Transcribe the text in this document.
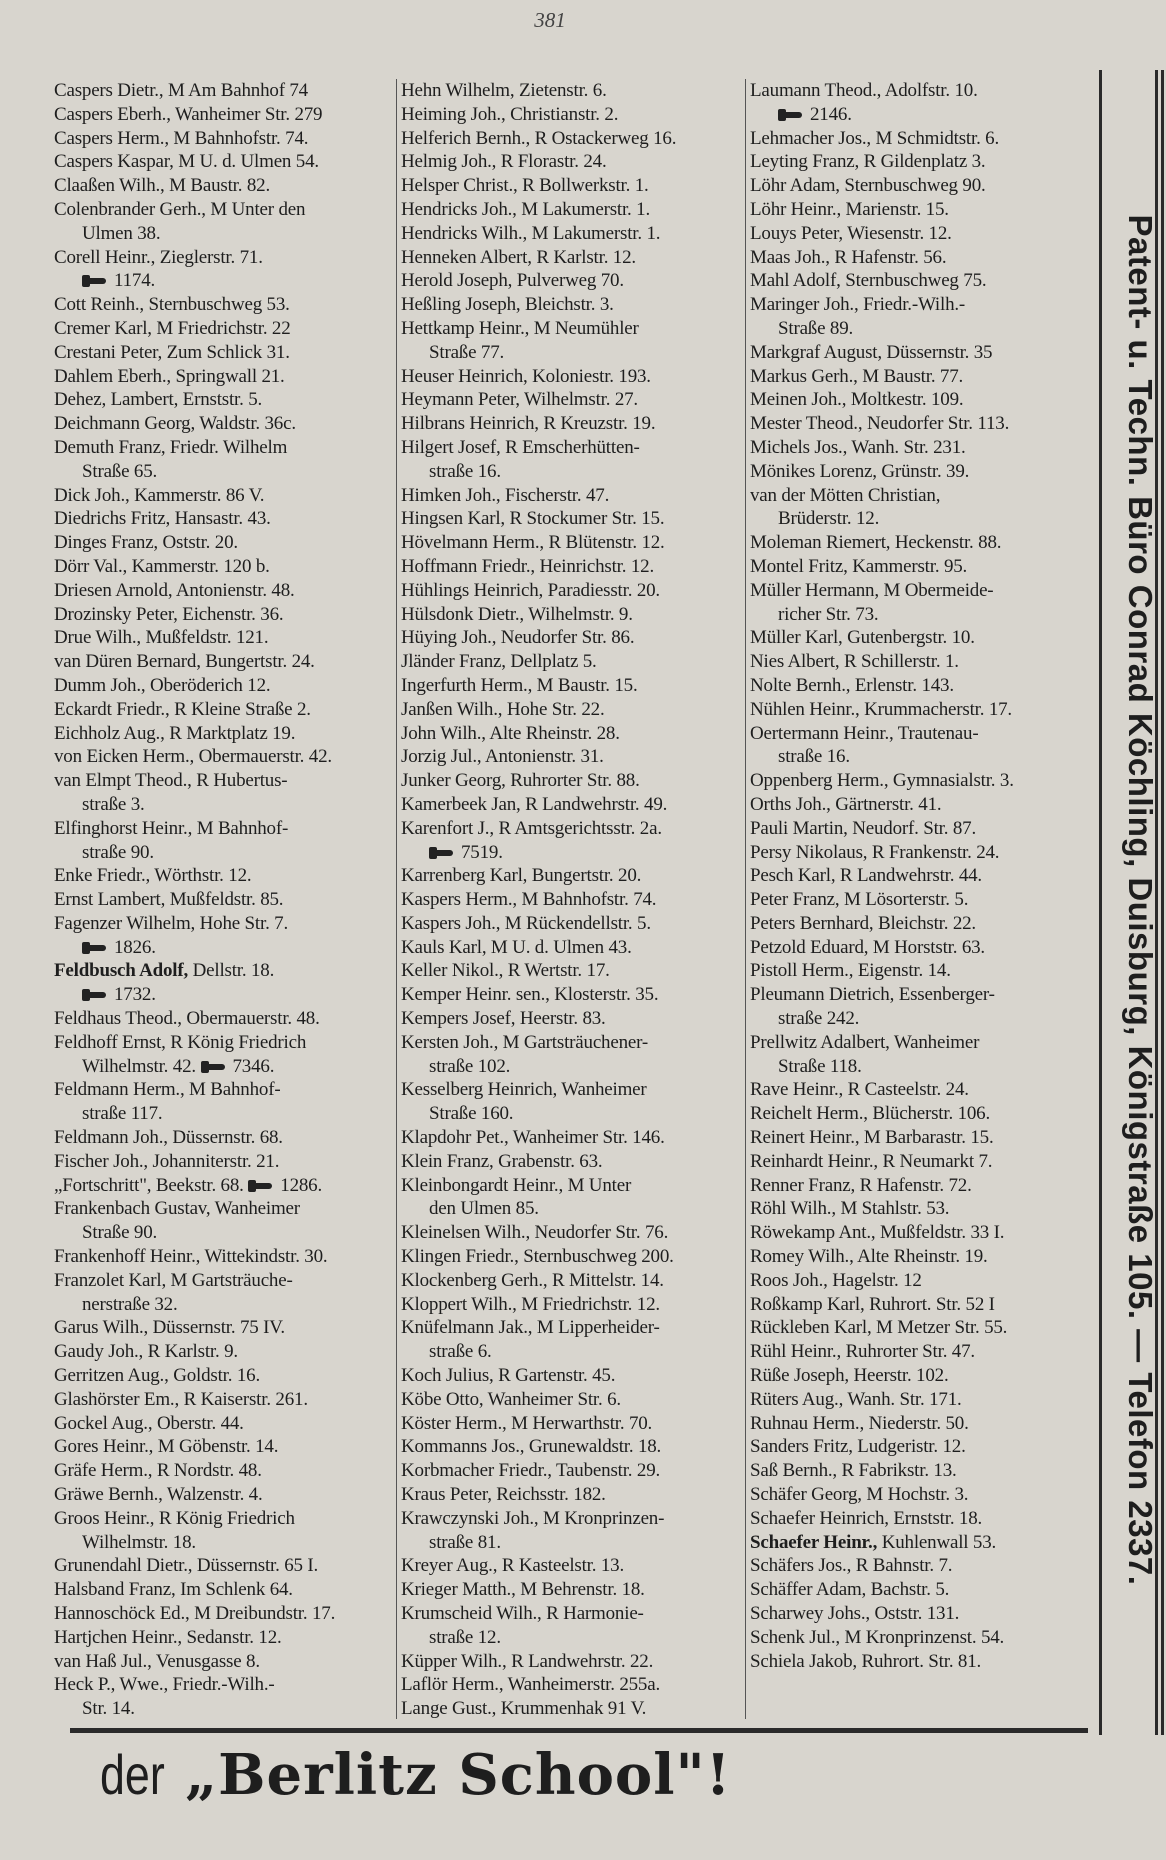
381
Caspers Dietr., M Am Bahnhof 74
Caspers Eberh., Wanheimer Str. 279
Caspers Herm., M Bahnhofstr. 74.
Caspers Kaspar, M U. d. Ulmen 54.
Claaßen Wilh., M Baustr. 82.
Colenbrander Gerh., M Unter den
Ulmen 38.
Corell Heinr., Zieglerstr. 71.
1174.
Cott Reinh., Sternbuschweg 53.
Cremer Karl, M Friedrichstr. 22
Crestani Peter, Zum Schlick 31.
Dahlem Eberh., Springwall 21.
Dehez, Lambert, Ernststr. 5.
Deichmann Georg, Waldstr. 36c.
Demuth Franz, Friedr. Wilhelm
Straße 65.
Dick Joh., Kammerstr. 86 V.
Diedrichs Fritz, Hansastr. 43.
Dinges Franz, Oststr. 20.
Dörr Val., Kammerstr. 120 b.
Driesen Arnold, Antonienstr. 48.
Drozinsky Peter, Eichenstr. 36.
Drue Wilh., Mußfeldstr. 121.
van Düren Bernard, Bungertstr. 24.
Dumm Joh., Oberöderich 12.
Eckardt Friedr., R Kleine Straße 2.
Eichholz Aug., R Marktplatz 19.
von Eicken Herm., Obermauerstr. 42.
van Elmpt Theod., R Hubertus-
straße 3.
Elfinghorst Heinr., M Bahnhof-
straße 90.
Enke Friedr., Wörthstr. 12.
Ernst Lambert, Mußfeldstr. 85.
Fagenzer Wilhelm, Hohe Str. 7.
1826.
Feldbusch Adolf, Dellstr. 18.
1732.
Feldhaus Theod., Obermauerstr. 48.
Feldhoff Ernst, R König Friedrich
Wilhelmstr. 42. 7346.
Feldmann Herm., M Bahnhof-
straße 117.
Feldmann Joh., Düssernstr. 68.
Fischer Joh., Johanniterstr. 21.
„Fortschritt", Beekstr. 68. 1286.
Frankenbach Gustav, Wanheimer
Straße 90.
Frankenhoff Heinr., Wittekindstr. 30.
Franzolet Karl, M Gartsträuche-
nerstraße 32.
Garus Wilh., Düssernstr. 75 IV.
Gaudy Joh., R Karlstr. 9.
Gerritzen Aug., Goldstr. 16.
Glashörster Em., R Kaiserstr. 261.
Gockel Aug., Oberstr. 44.
Gores Heinr., M Göbenstr. 14.
Gräfe Herm., R Nordstr. 48.
Gräwe Bernh., Walzenstr. 4.
Groos Heinr., R König Friedrich
Wilhelmstr. 18.
Grunendahl Dietr., Düssernstr. 65 I.
Halsband Franz, Im Schlenk 64.
Hannoschöck Ed., M Dreibundstr. 17.
Hartjchen Heinr., Sedanstr. 12.
van Haß Jul., Venusgasse 8.
Heck P., Wwe., Friedr.-Wilh.-
Str. 14.
Hehn Wilhelm, Zietenstr. 6.
Heiming Joh., Christianstr. 2.
Helferich Bernh., R Ostackerweg 16.
Helmig Joh., R Florastr. 24.
Helsper Christ., R Bollwerkstr. 1.
Hendricks Joh., M Lakumerstr. 1.
Hendricks Wilh., M Lakumerstr. 1.
Henneken Albert, R Karlstr. 12.
Herold Joseph, Pulverweg 70.
Heßling Joseph, Bleichstr. 3.
Hettkamp Heinr., M Neumühler
Straße 77.
Heuser Heinrich, Koloniestr. 193.
Heymann Peter, Wilhelmstr. 27.
Hilbrans Heinrich, R Kreuzstr. 19.
Hilgert Josef, R Emscherhütten-
straße 16.
Himken Joh., Fischerstr. 47.
Hingsen Karl, R Stockumer Str. 15.
Hövelmann Herm., R Blütenstr. 12.
Hoffmann Friedr., Heinrichstr. 12.
Hühlings Heinrich, Paradiesstr. 20.
Hülsdonk Dietr., Wilhelmstr. 9.
Hüying Joh., Neudorfer Str. 86.
Jländer Franz, Dellplatz 5.
Ingerfurth Herm., M Baustr. 15.
Janßen Wilh., Hohe Str. 22.
John Wilh., Alte Rheinstr. 28.
Jorzig Jul., Antonienstr. 31.
Junker Georg, Ruhrorter Str. 88.
Kamerbeek Jan, R Landwehrstr. 49.
Karenfort J., R Amtsgerichtsstr. 2a.
7519.
Karrenberg Karl, Bungertstr. 20.
Kaspers Herm., M Bahnhofstr. 74.
Kaspers Joh., M Rückendellstr. 5.
Kauls Karl, M U. d. Ulmen 43.
Keller Nikol., R Wertstr. 17.
Kemper Heinr. sen., Klosterstr. 35.
Kempers Josef, Heerstr. 83.
Kersten Joh., M Gartsträuchener-
straße 102.
Kesselberg Heinrich, Wanheimer
Straße 160.
Klapdohr Pet., Wanheimer Str. 146.
Klein Franz, Grabenstr. 63.
Kleinbongardt Heinr., M Unter
den Ulmen 85.
Kleinelsen Wilh., Neudorfer Str. 76.
Klingen Friedr., Sternbuschweg 200.
Klockenberg Gerh., R Mittelstr. 14.
Kloppert Wilh., M Friedrichstr. 12.
Knüfelmann Jak., M Lipperheider-
straße 6.
Koch Julius, R Gartenstr. 45.
Köbe Otto, Wanheimer Str. 6.
Köster Herm., M Herwarthstr. 70.
Kommanns Jos., Grunewaldstr. 18.
Korbmacher Friedr., Taubenstr. 29.
Kraus Peter, Reichsstr. 182.
Krawczynski Joh., M Kronprinzen-
straße 81.
Kreyer Aug., R Kasteelstr. 13.
Krieger Matth., M Behrenstr. 18.
Krumscheid Wilh., R Harmonie-
straße 12.
Küpper Wilh., R Landwehrstr. 22.
Laflör Herm., Wanheimerstr. 255a.
Lange Gust., Krummenhak 91 V.
Laumann Theod., Adolfstr. 10.
2146.
Lehmacher Jos., M Schmidtstr. 6.
Leyting Franz, R Gildenplatz 3.
Löhr Adam, Sternbuschweg 90.
Löhr Heinr., Marienstr. 15.
Louys Peter, Wiesenstr. 12.
Maas Joh., R Hafenstr. 56.
Mahl Adolf, Sternbuschweg 75.
Maringer Joh., Friedr.-Wilh.-
Straße 89.
Markgraf August, Düssernstr. 35
Markus Gerh., M Baustr. 77.
Meinen Joh., Moltkestr. 109.
Mester Theod., Neudorfer Str. 113.
Michels Jos., Wanh. Str. 231.
Mönikes Lorenz, Grünstr. 39.
van der Mötten Christian,
Brüderstr. 12.
Moleman Riemert, Heckenstr. 88.
Montel Fritz, Kammerstr. 95.
Müller Hermann, M Obermeide-
richer Str. 73.
Müller Karl, Gutenbergstr. 10.
Nies Albert, R Schillerstr. 1.
Nolte Bernh., Erlenstr. 143.
Nühlen Heinr., Krummacherstr. 17.
Oertermann Heinr., Trautenau-
straße 16.
Oppenberg Herm., Gymnasialstr. 3.
Orths Joh., Gärtnerstr. 41.
Pauli Martin, Neudorf. Str. 87.
Persy Nikolaus, R Frankenstr. 24.
Pesch Karl, R Landwehrstr. 44.
Peter Franz, M Lösorterstr. 5.
Peters Bernhard, Bleichstr. 22.
Petzold Eduard, M Horststr. 63.
Pistoll Herm., Eigenstr. 14.
Pleumann Dietrich, Essenberger-
straße 242.
Prellwitz Adalbert, Wanheimer
Straße 118.
Rave Heinr., R Casteelstr. 24.
Reichelt Herm., Blücherstr. 106.
Reinert Heinr., M Barbarastr. 15.
Reinhardt Heinr., R Neumarkt 7.
Renner Franz, R Hafenstr. 72.
Röhl Wilh., M Stahlstr. 53.
Röwekamp Ant., Mußfeldstr. 33 I.
Romey Wilh., Alte Rheinstr. 19.
Roos Joh., Hagelstr. 12
Roßkamp Karl, Ruhrort. Str. 52 I
Rückleben Karl, M Metzer Str. 55.
Rühl Heinr., Ruhrorter Str. 47.
Rüße Joseph, Heerstr. 102.
Rüters Aug., Wanh. Str. 171.
Ruhnau Herm., Niederstr. 50.
Sanders Fritz, Ludgeristr. 12.
Saß Bernh., R Fabrikstr. 13.
Schäfer Georg, M Hochstr. 3.
Schaefer Heinrich, Ernststr. 18.
Schaefer Heinr., Kuhlenwall 53.
Schäfers Jos., R Bahnstr. 7.
Schäffer Adam, Bachstr. 5.
Scharwey Johs., Oststr. 131.
Schenk Jul., M Kronprinzenst. 54.
Schiela Jakob, Ruhrort. Str. 81.
der „Berlitz School"!
Patent- u. Techn. Büro Conrad Köchling, Duisburg, Königstraße 105. — Telefon 2337.
